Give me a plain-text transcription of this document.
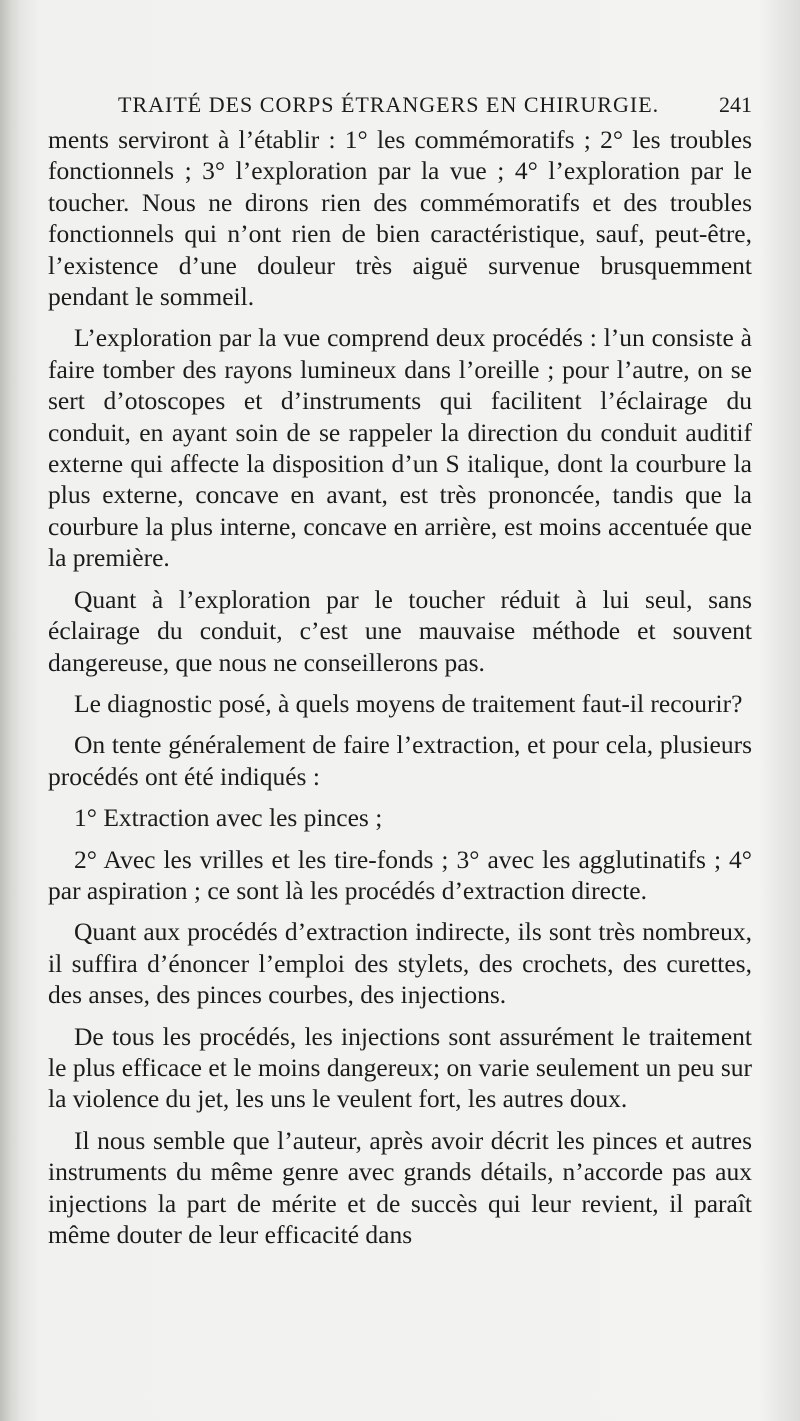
TRAITÉ DES CORPS ÉTRANGERS EN CHIRURGIE.	241

ments serviront à l’établir : 1° les commémoratifs ; 2° les troubles fonctionnels ; 3° l’exploration par la vue ; 4° l’exploration par le toucher. Nous ne dirons rien des commémoratifs et des troubles fonctionnels qui n’ont rien de bien caractéristique, sauf, peut-être, l’existence d’une douleur très aiguë survenue brusquemment pendant le sommeil.

L’exploration par la vue comprend deux procédés : l’un consiste à faire tomber des rayons lumineux dans l’oreille ; pour l’autre, on se sert d’otoscopes et d’instruments qui facilitent l’éclairage du conduit, en ayant soin de se rappeler la direction du conduit auditif externe qui affecte la disposition d’un S italique, dont la courbure la plus externe, concave en avant, est très prononcée, tandis que la courbure la plus interne, concave en arrière, est moins accentuée que la première.

Quant à l’exploration par le toucher réduit à lui seul, sans éclairage du conduit, c’est une mauvaise méthode et souvent dangereuse, que nous ne conseillerons pas.

Le diagnostic posé, à quels moyens de traitement faut-il recourir?

On tente généralement de faire l’extraction, et pour cela, plusieurs procédés ont été indiqués :

1° Extraction avec les pinces ;

2° Avec les vrilles et les tire-fonds ; 3° avec les agglutinatifs ; 4° par aspiration ; ce sont là les procédés d’extraction directe.

Quant aux procédés d’extraction indirecte, ils sont très nombreux, il suffira d’énoncer l’emploi des stylets, des crochets, des curettes, des anses, des pinces courbes, des injections.

De tous les procédés, les injections sont assurément le traitement le plus efficace et le moins dangereux; on varie seulement un peu sur la violence du jet, les uns le veulent fort, les autres doux.

Il nous semble que l’auteur, après avoir décrit les pinces et autres instruments du même genre avec grands détails, n’accorde pas aux injections la part de mérite et de succès qui leur revient, il paraît même douter de leur efficacité dans
